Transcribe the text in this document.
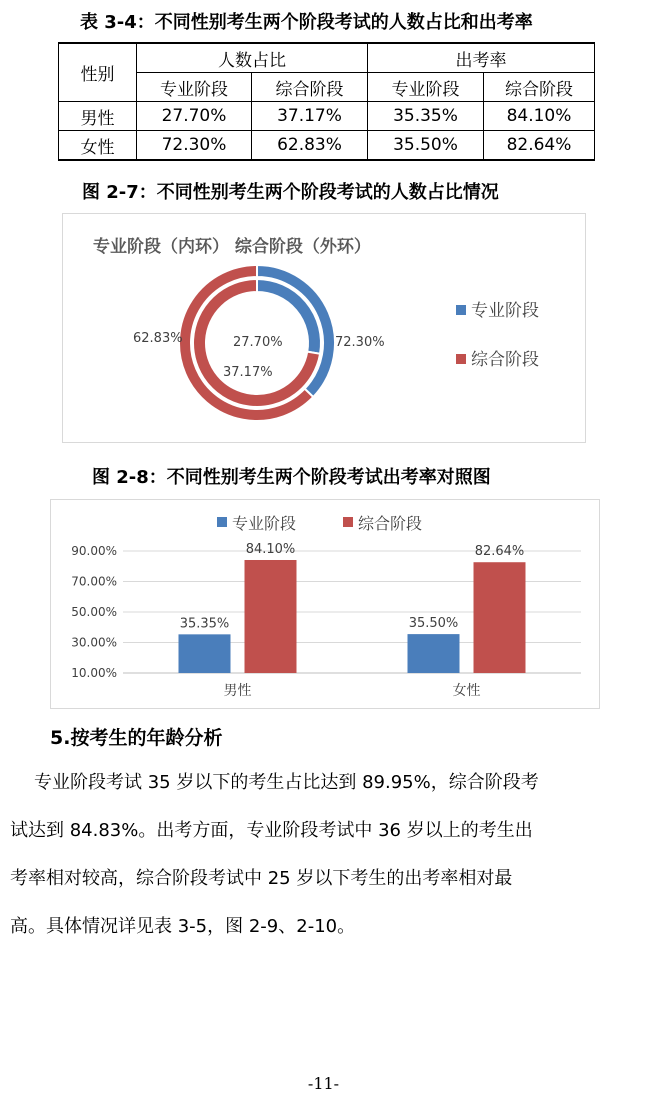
表 3-4：不同性别考生两个阶段考试的人数占比和出考率
性别	人数占比		出考率	
	专业阶段	综合阶段	专业阶段	综合阶段
男性	27.70%	37.17%	35.35%	84.10%
女性	72.30%	62.83%	35.50%	82.64%
图 2-7：不同性别考生两个阶段考试的人数占比情况
专业阶段（内环） 综合阶段（外环）
27.70%	72.30%
37.17%
62.83%
专业阶段
综合阶段
图 2-8：不同性别考生两个阶段考试出考率对照图
专业阶段	综合阶段
10.00%
30.00%
50.00%
70.00%
90.00%
35.35%
84.10%
男性
35.50%
82.64%
女性
5.按考生的年龄分析
专业阶段考试 35 岁以下的考生占比达到 89.95%，综合阶段考
试达到 84.83%。出考方面，专业阶段考试中 36 岁以上的考生出
考率相对较高，综合阶段考试中 25 岁以下考生的出考率相对最
高。具体情况详见表 3-5，图 2-9、2-10。
-11-
